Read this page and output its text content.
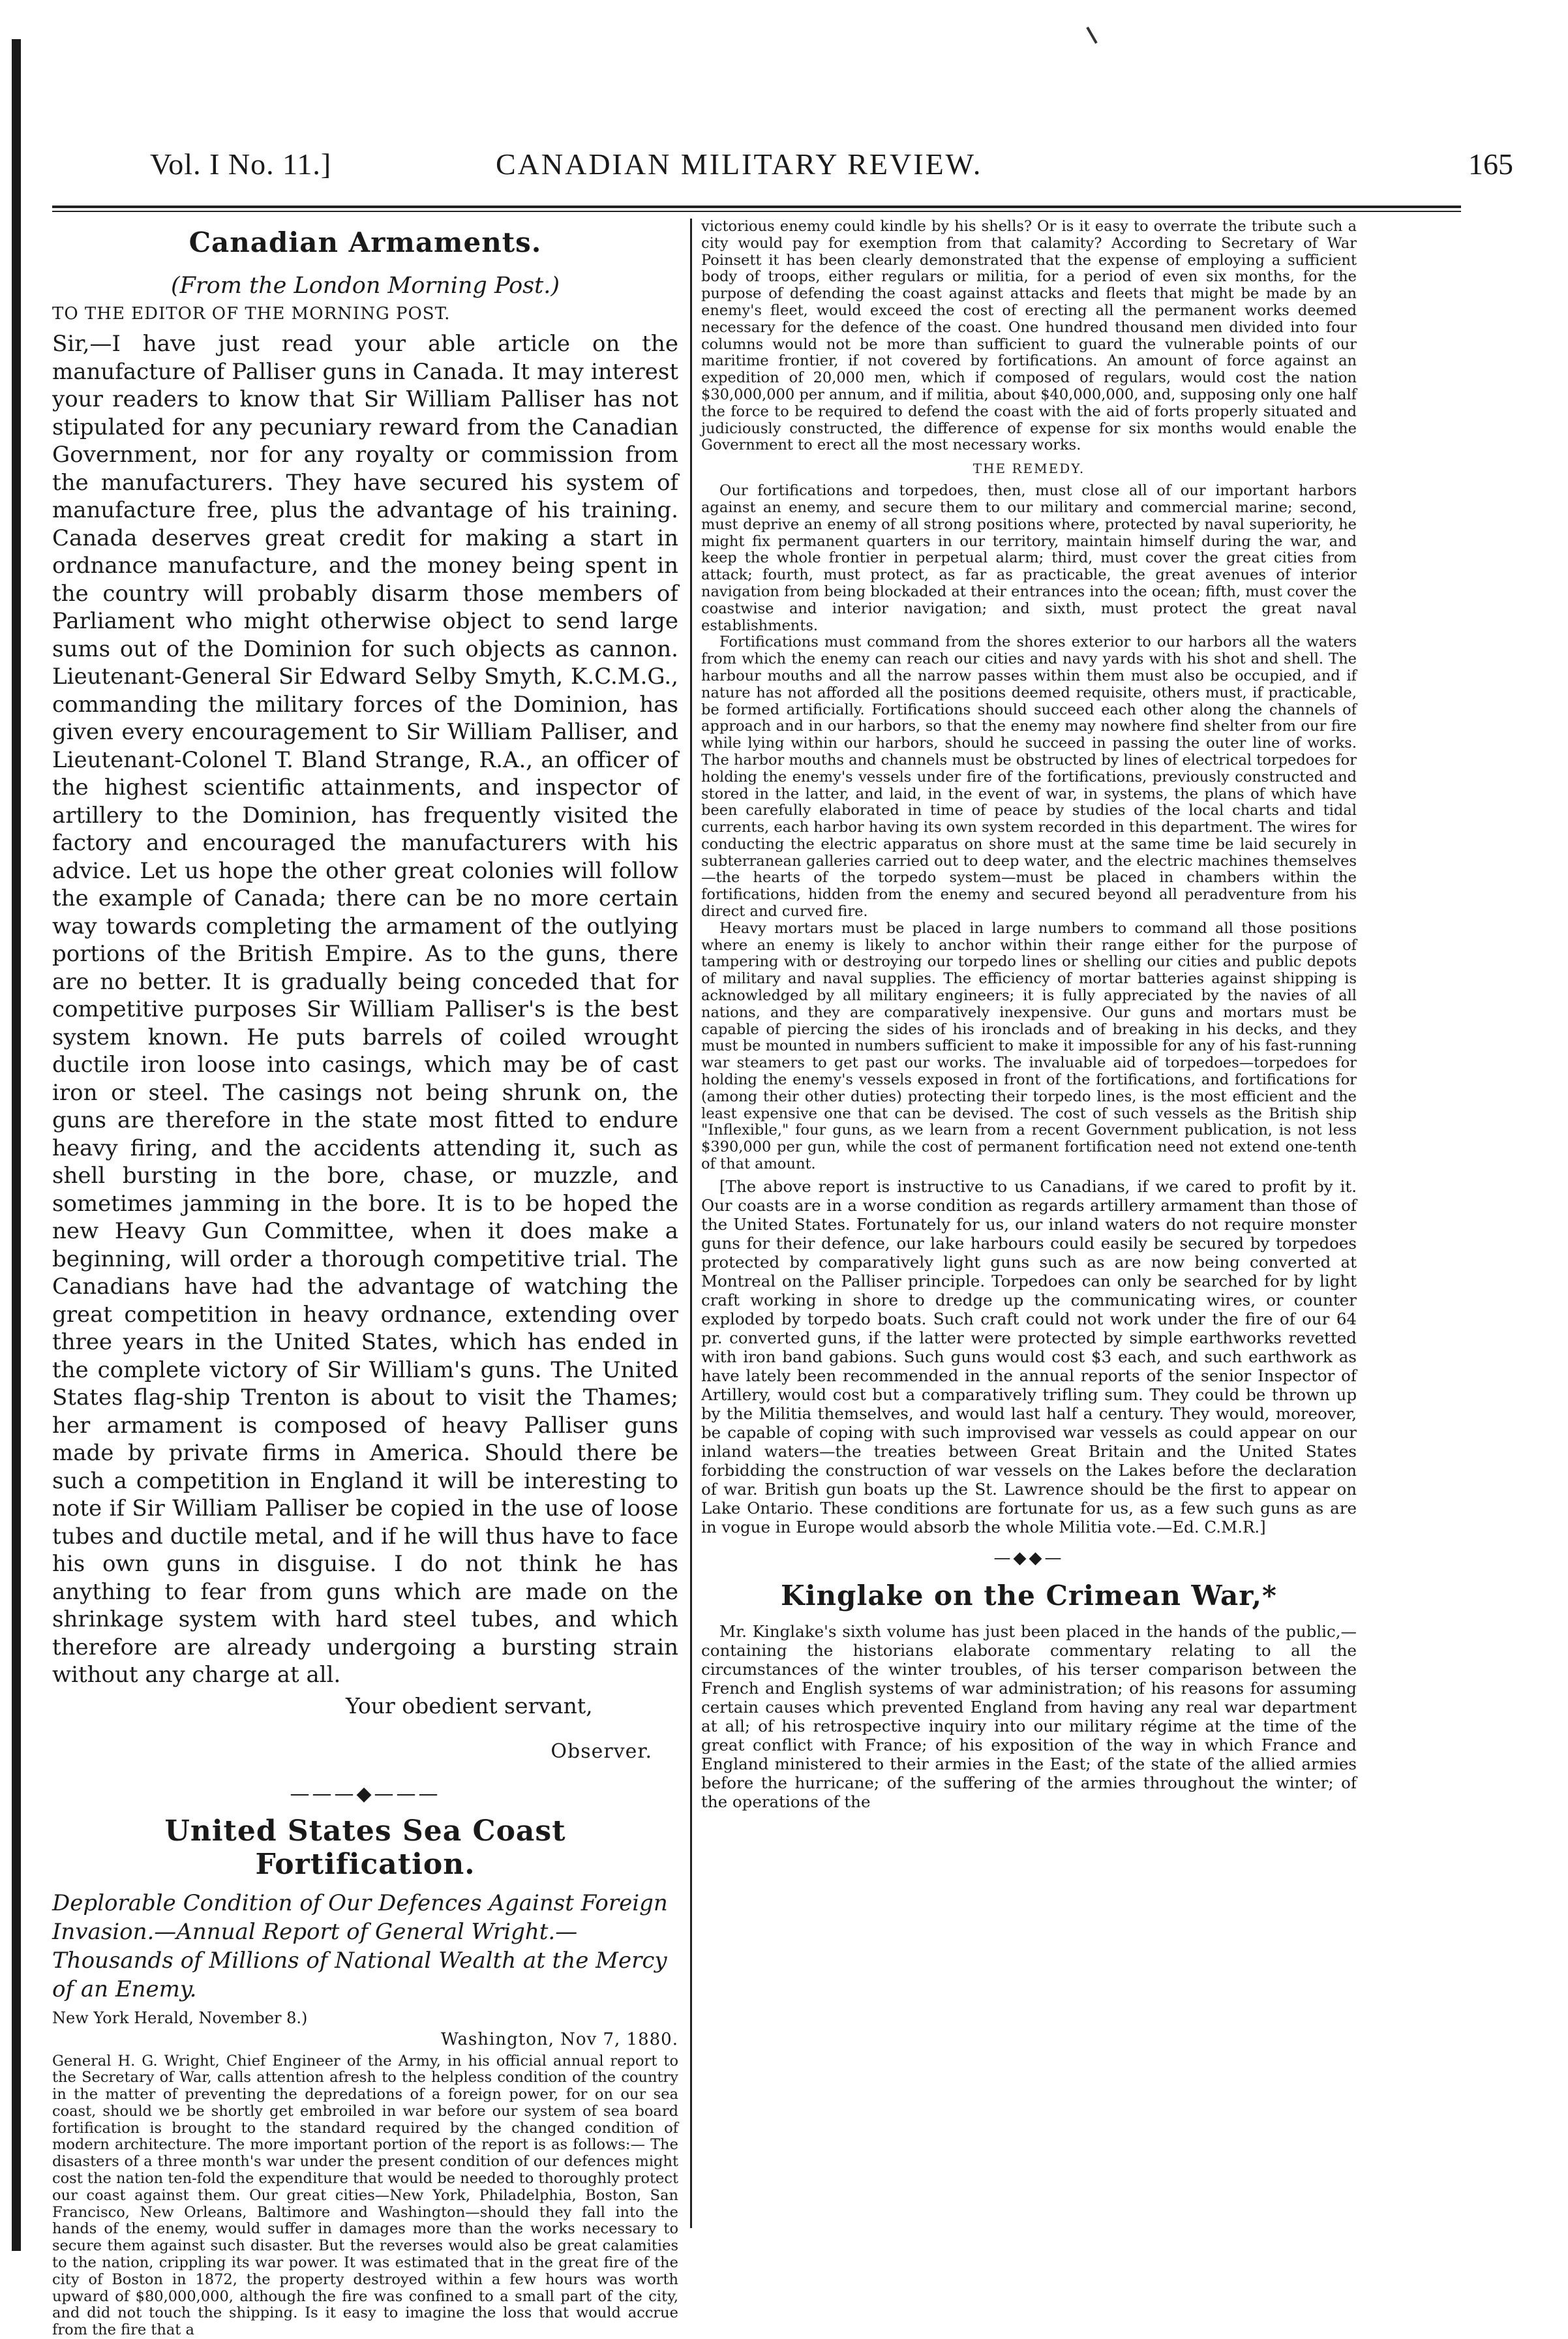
Vol. I No. 11.]	CANADIAN MILITARY REVIEW.	165
Canadian Armaments.

(From the London Morning Post.)

TO THE EDITOR OF THE MORNING POST.

Sir,—I have just read your able article on the manufacture of Palliser guns in Canada. It may interest your readers to know that Sir William Palliser has not stipulated for any pecuniary reward from the Canadian Government, nor for any royalty or commission from the manufacturers. They have secured his system of manufacture free, plus the advantage of his training. Canada deserves great credit for making a start in ordnance manufacture, and the money being spent in the country will probably disarm those members of Parliament who might otherwise object to send large sums out of the Dominion for such objects as cannon. Lieutenant-General Sir Edward Selby Smyth, K.C.M.G., commanding the military forces of the Dominion, has given every encouragement to Sir William Palliser, and Lieutenant-Colonel T. Bland Strange, R.A., an officer of the highest scientific attainments, and inspector of artillery to the Dominion, has frequently visited the factory and encouraged the manufacturers with his advice. Let us hope the other great colonies will follow the example of Canada; there can be no more certain way towards completing the armament of the outlying portions of the British Empire. As to the guns, there are no better. It is gradually being conceded that for competitive purposes Sir William Palliser's is the best system known. He puts barrels of coiled wrought ductile iron loose into casings, which may be of cast iron or steel. The casings not being shrunk on, the guns are therefore in the state most fitted to endure heavy firing, and the accidents attending it, such as shell bursting in the bore, chase, or muzzle, and sometimes jamming in the bore. It is to be hoped the new Heavy Gun Committee, when it does make a beginning, will order a thorough competitive trial. The Canadians have had the advantage of watching the great competition in heavy ordnance, extending over three years in the United States, which has ended in the complete victory of Sir William's guns. The United States flag-ship Trenton is about to visit the Thames; her armament is composed of heavy Palliser guns made by private firms in America. Should there be such a competition in England it will be interesting to note if Sir William Palliser be copied in the use of loose tubes and ductile metal, and if he will thus have to face his own guns in disguise. I do not think he has anything to fear from guns which are made on the shrinkage system with hard steel tubes, and which therefore are already undergoing a bursting strain without any charge at all.

Your obedient servant,

Observer.

———◆———
United States Sea Coast Fortification.

Deplorable Condition of Our Defences Against Foreign Invasion.—Annual Report of General Wright.—Thousands of Millions of National Wealth at the Mercy of an Enemy.

New York Herald, November 8.)
Washington, Nov 7, 1880.

General H. G. Wright, Chief Engineer of the Army, in his official annual report to the Secretary of War, calls attention afresh to the helpless condition of the country in the matter of preventing the depredations of a foreign power, for on our sea coast, should we be shortly get embroiled in war before our system of sea board fortification is brought to the standard required by the changed condition of modern architecture. The more important portion of the report is as follows:— The disasters of a three month's war under the present condition of our defences might cost the nation ten-fold the expenditure that would be needed to thoroughly protect our coast against them. Our great cities—New York, Philadelphia, Boston, San Francisco, New Orleans, Baltimore and Washington—should they fall into the hands of the enemy, would suffer in damages more than the works necessary to secure them against such disaster. But the reverses would also be great calamities to the nation, crippling its war power. It was estimated that in the great fire of the city of Boston in 1872, the property destroyed within a few hours was worth upward of $80,000,000, although the fire was confined to a small part of the city, and did not touch the shipping. Is it easy to imagine the loss that would accrue from the fire that a

victorious enemy could kindle by his shells? Or is it easy to overrate the tribute such a city would pay for exemption from that calamity? According to Secretary of War Poinsett it has been clearly demonstrated that the expense of employing a sufficient body of troops, either regulars or militia, for a period of even six months, for the purpose of defending the coast against attacks and fleets that might be made by an enemy's fleet, would exceed the cost of erecting all the permanent works deemed necessary for the defence of the coast. One hundred thousand men divided into four columns would not be more than sufficient to guard the vulnerable points of our maritime frontier, if not covered by fortifications. An amount of force against an expedition of 20,000 men, which if composed of regulars, would cost the nation $30,000,000 per annum, and if militia, about $40,000,000, and, supposing only one half the force to be required to defend the coast with the aid of forts properly situated and judiciously constructed, the difference of expense for six months would enable the Government to erect all the most necessary works.

THE REMEDY.

Our fortifications and torpedoes, then, must close all of our important harbors against an enemy, and secure them to our military and commercial marine; second, must deprive an enemy of all strong positions where, protected by naval superiority, he might fix permanent quarters in our territory, maintain himself during the war, and keep the whole frontier in perpetual alarm; third, must cover the great cities from attack; fourth, must protect, as far as practicable, the great avenues of interior navigation from being blockaded at their entrances into the ocean; fifth, must cover the coastwise and interior navigation; and sixth, must protect the great naval establishments.

Fortifications must command from the shores exterior to our harbors all the waters from which the enemy can reach our cities and navy yards with his shot and shell. The harbour mouths and all the narrow passes within them must also be occupied, and if nature has not afforded all the positions deemed requisite, others must, if practicable, be formed artificially. Fortifications should succeed each other along the channels of approach and in our harbors, so that the enemy may nowhere find shelter from our fire while lying within our harbors, should he succeed in passing the outer line of works. The harbor mouths and channels must be obstructed by lines of electrical torpedoes for holding the enemy's vessels under fire of the fortifications, previously constructed and stored in the latter, and laid, in the event of war, in systems, the plans of which have been carefully elaborated in time of peace by studies of the local charts and tidal currents, each harbor having its own system recorded in this department. The wires for conducting the electric apparatus on shore must at the same time be laid securely in subterranean galleries carried out to deep water, and the electric machines themselves—the hearts of the torpedo system—must be placed in chambers within the fortifications, hidden from the enemy and secured beyond all peradventure from his direct and curved fire.

Heavy mortars must be placed in large numbers to command all those positions where an enemy is likely to anchor within their range either for the purpose of tampering with or destroying our torpedo lines or shelling our cities and public depots of military and naval supplies. The efficiency of mortar batteries against shipping is acknowledged by all military engineers; it is fully appreciated by the navies of all nations, and they are comparatively inexpensive. Our guns and mortars must be capable of piercing the sides of his ironclads and of breaking in his decks, and they must be mounted in numbers sufficient to make it impossible for any of his fast-running war steamers to get past our works. The invaluable aid of torpedoes—torpedoes for holding the enemy's vessels exposed in front of the fortifications, and fortifications for (among their other duties) protecting their torpedo lines, is the most efficient and the least expensive one that can be devised. The cost of such vessels as the British ship "Inflexible," four guns, as we learn from a recent Government publication, is not less $390,000 per gun, while the cost of permanent fortification need not extend one-tenth of that amount.

[The above report is instructive to us Canadians, if we cared to profit by it. Our coasts are in a worse condition as regards artillery armament than those of the United States. Fortunately for us, our inland waters do not require monster guns for their defence, our lake harbours could easily be secured by torpedoes protected by comparatively light guns such as are now being converted at Montreal on the Palliser principle. Torpedoes can only be searched for by light craft working in shore to dredge up the communicating wires, or counter exploded by torpedo boats. Such craft could not work under the fire of our 64 pr. converted guns, if the latter were protected by simple earthworks revetted with iron band gabions. Such guns would cost $3 each, and such earthwork as have lately been recommended in the annual reports of the senior Inspector of Artillery, would cost but a comparatively trifling sum. They could be thrown up by the Militia themselves, and would last half a century. They would, moreover, be capable of coping with such improvised war vessels as could appear on our inland waters—the treaties between Great Britain and the United States forbidding the construction of war vessels on the Lakes before the declaration of war. British gun boats up the St. Lawrence should be the first to appear on Lake Ontario. These conditions are fortunate for us, as a few such guns as are in vogue in Europe would absorb the whole Militia vote.—Ed. C.M.R.]

—◆◆—
Kinglake on the Crimean War,*

Mr. Kinglake's sixth volume has just been placed in the hands of the public,—containing the historians elaborate commentary relating to all the circumstances of the winter troubles, of his terser comparison between the French and English systems of war administration; of his reasons for assuming certain causes which prevented England from having any real war department at all; of his retrospective inquiry into our military régime at the time of the great conflict with France; of his exposition of the way in which France and England ministered to their armies in the East; of the state of the allied armies before the hurricane; of the suffering of the armies throughout the winter; of the operations of the
